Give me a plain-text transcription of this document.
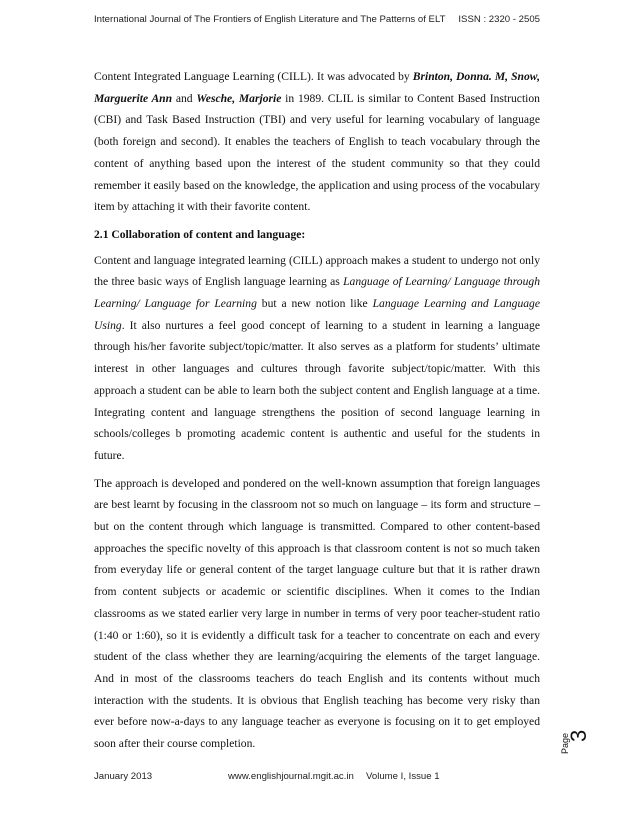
International Journal of The Frontiers of English Literature and The Patterns of ELT ISSN : 2320 - 2505

Content Integrated Language Learning (CILL). It was advocated by Brinton, Donna. M, Snow, Marguerite Ann and Wesche, Marjorie in 1989. CLIL is similar to Content Based Instruction (CBI) and Task Based Instruction (TBI) and very useful for learning vocabulary of language (both foreign and second). It enables the teachers of English to teach vocabulary through the content of anything based upon the interest of the student community so that they could remember it easily based on the knowledge, the application and using process of the vocabulary item by attaching it with their favorite content.

2.1 Collaboration of content and language:

Content and language integrated learning (CILL) approach makes a student to undergo not only the three basic ways of English language learning as Language of Learning/ Language through Learning/ Language for Learning but a new notion like Language Learning and Language Using. It also nurtures a feel good concept of learning to a student in learning a language through his/her favorite subject/topic/matter. It also serves as a platform for students’ ultimate interest in other languages and cultures through favorite subject/topic/matter. With this approach a student can be able to learn both the subject content and English language at a time. Integrating content and language strengthens the position of second language learning in schools/colleges b promoting academic content is authentic and useful for the students in future.

The approach is developed and pondered on the well-known assumption that foreign languages are best learnt by focusing in the classroom not so much on language – its form and structure – but on the content through which language is transmitted. Compared to other content-based approaches the specific novelty of this approach is that classroom content is not so much taken from everyday life or general content of the target language culture but that it is rather drawn from content subjects or academic or scientific disciplines. When it comes to the Indian classrooms as we stated earlier very large in number in terms of very poor teacher-student ratio (1:40 or 1:60), so it is evidently a difficult task for a teacher to concentrate on each and every student of the class whether they are learning/acquiring the elements of the target language. And in most of the classrooms teachers do teach English and its contents without much interaction with the students. It is obvious that English teaching has become very risky than ever before now-a-days to any language teacher as everyone is focusing on it to get employed soon after their course completion.	Page
3
January 2013	www.englishjournal.mgit.ac.in Volume I, Issue 1
